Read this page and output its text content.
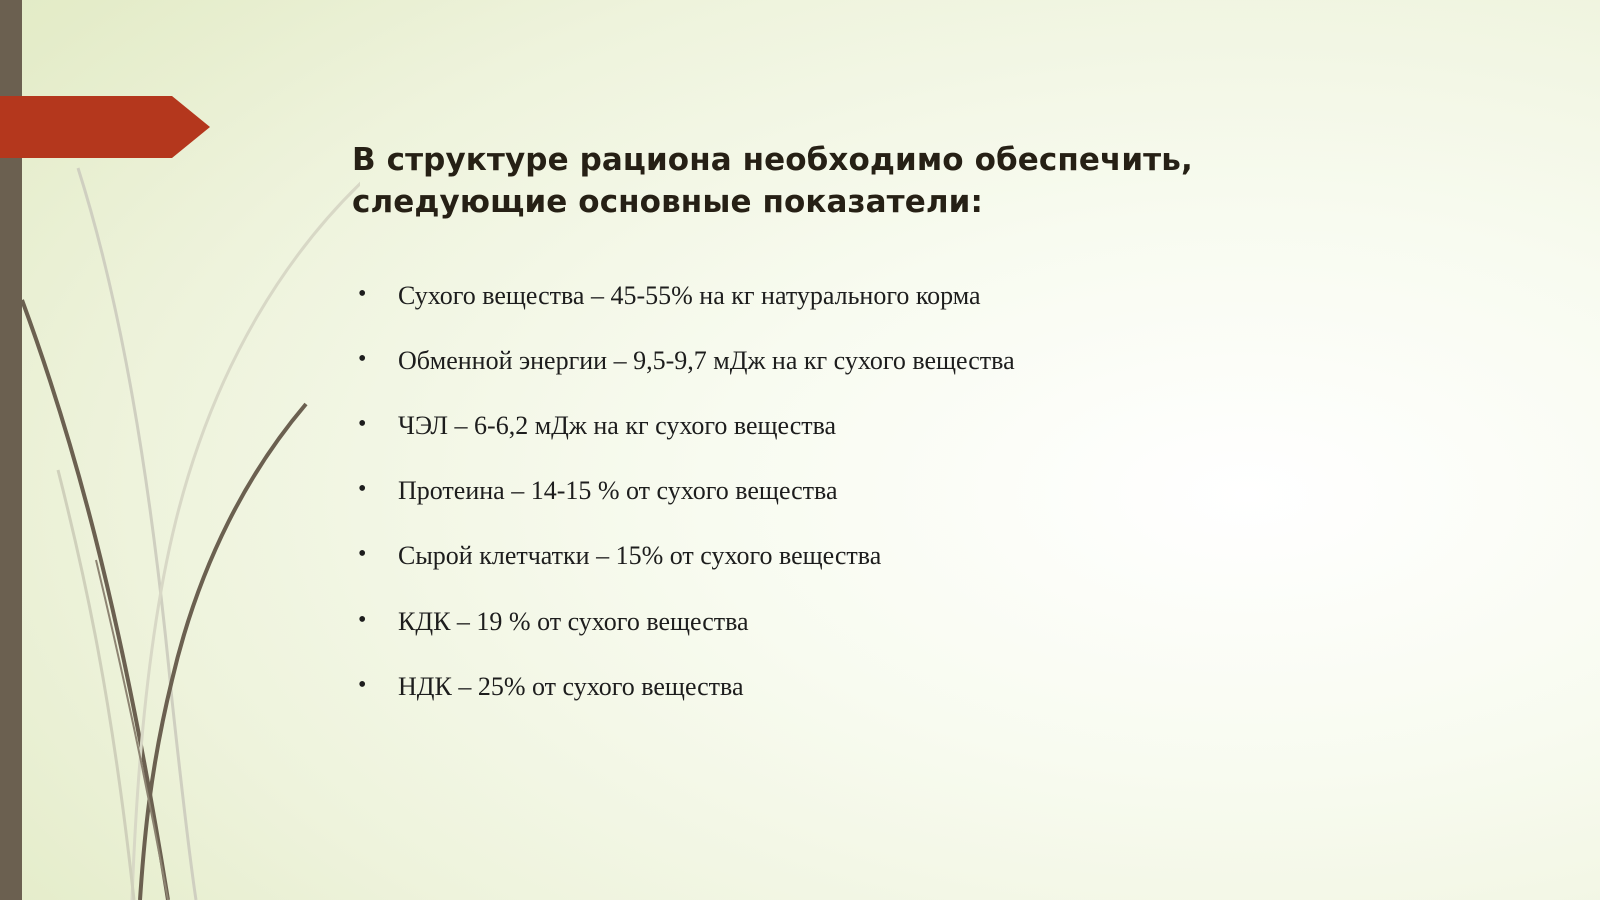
В структуре рациона необходимо обеспечить, следующие основные показатели:
• Сухого вещества – 45-55% на кг натурального корма
• Обменной энергии – 9,5-9,7 мДж на кг сухого вещества
• ЧЭЛ – 6-6,2 мДж на кг сухого вещества
• Протеина – 14-15 % от сухого вещества
• Сырой клетчатки – 15% от сухого вещества
• КДК – 19 % от сухого вещества
• НДК – 25% от сухого вещества
